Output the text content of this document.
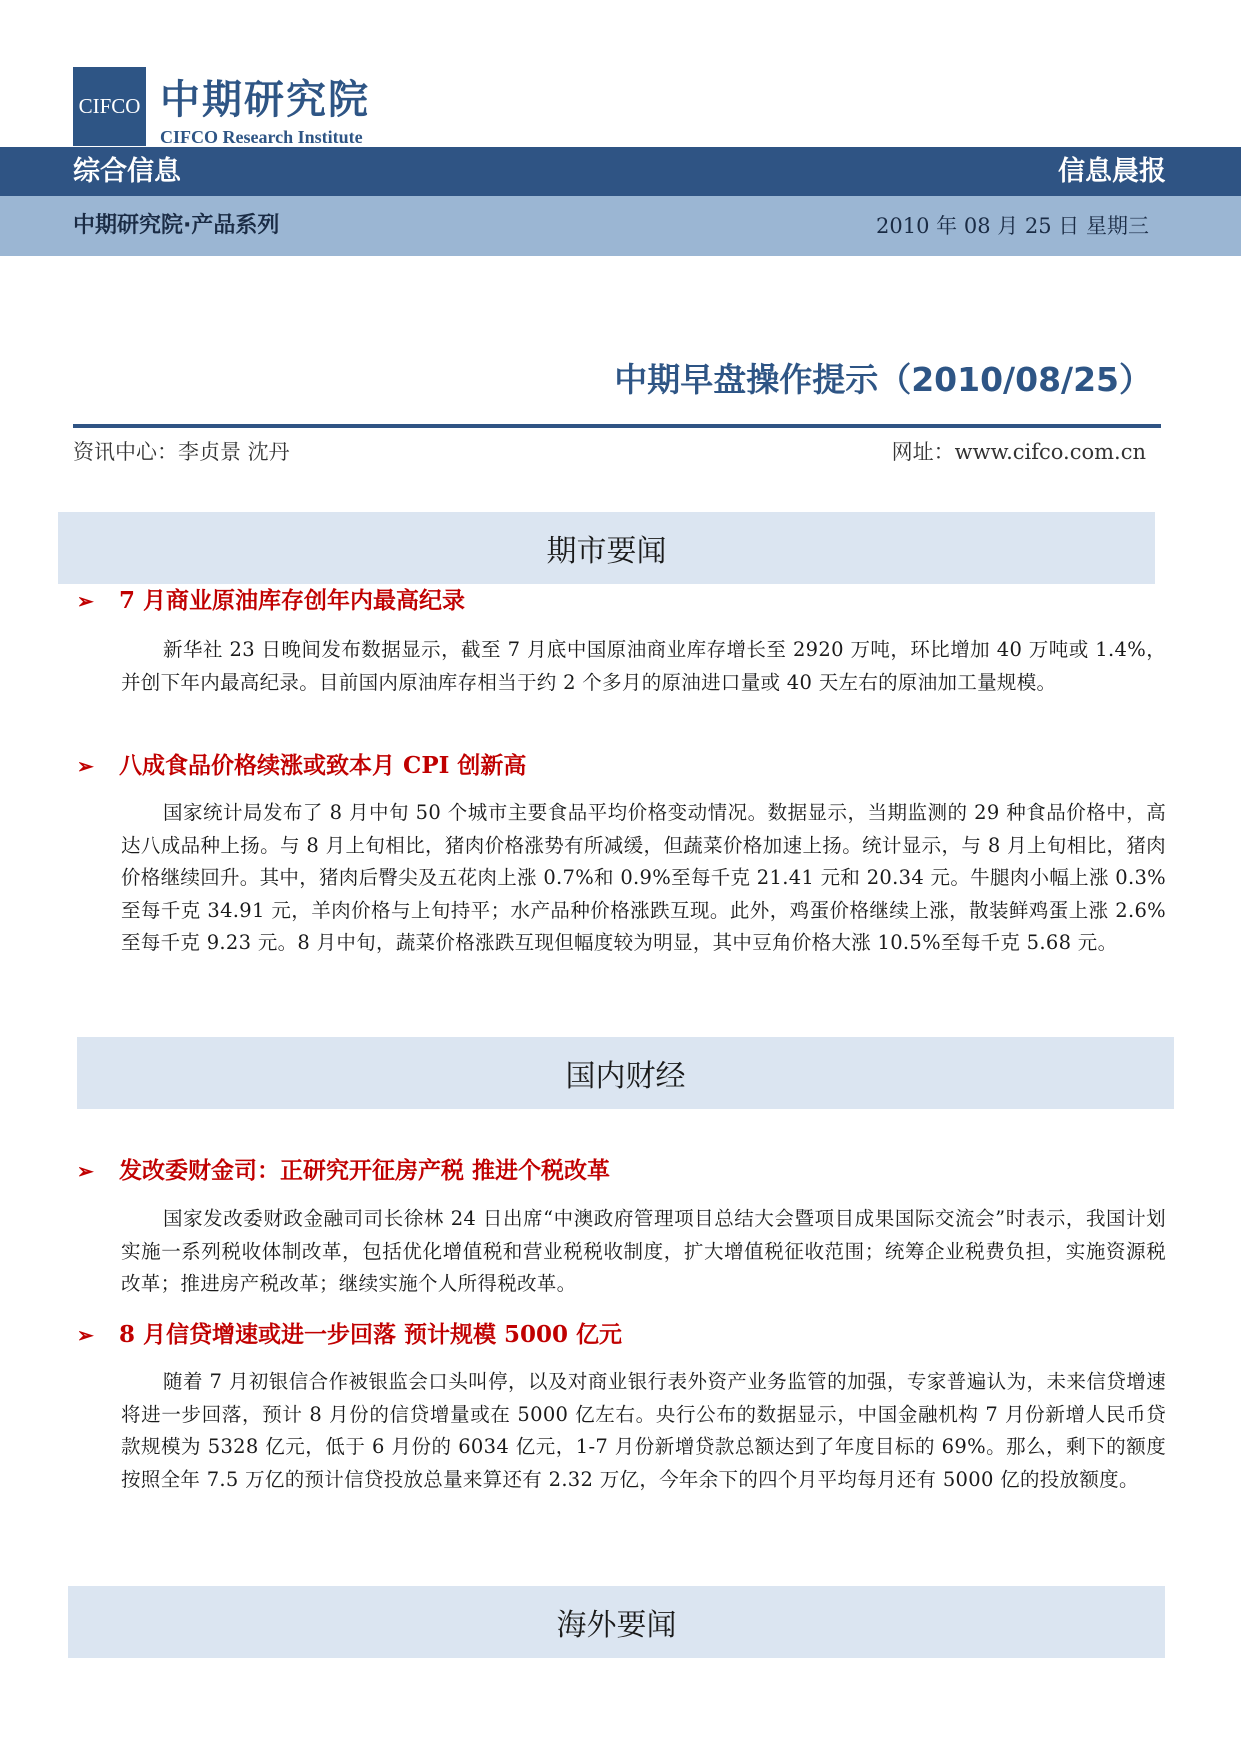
CIFCO 中期研究院
CIFCO Research Institute
综合信息	信息晨报
中期研究院·产品系列	2010 年 08 月 25 日 星期三
中期早盘操作提示（2010/08/25）
资讯中心：李贞景 沈丹	网址：www.cifco.com.cn
期市要闻
➢ 7 月商业原油库存创年内最高纪录

新华社 23 日晚间发布数据显示，截至 7 月底中国原油商业库存增长至 2920 万吨，环比增加 40 万吨或 1.4%，并创下年内最高纪录。目前国内原油库存相当于约 2 个多月的原油进口量或 40 天左右的原油加工量规模。

➢ 八成食品价格续涨或致本月 CPI 创新高

国家统计局发布了 8 月中旬 50 个城市主要食品平均价格变动情况。数据显示，当期监测的 29 种食品价格中，高达八成品种上扬。与 8 月上旬相比，猪肉价格涨势有所减缓，但蔬菜价格加速上扬。统计显示，与 8 月上旬相比，猪肉价格继续回升。其中，猪肉后臀尖及五花肉上涨 0.7%和 0.9%至每千克 21.41 元和 20.34 元。牛腿肉小幅上涨 0.3%至每千克 34.91 元，羊肉价格与上旬持平；水产品种价格涨跌互现。此外，鸡蛋价格继续上涨，散装鲜鸡蛋上涨 2.6%至每千克 9.23 元。8 月中旬，蔬菜价格涨跌互现但幅度较为明显，其中豆角价格大涨 10.5%至每千克 5.68 元。

国内财经
➢ 发改委财金司：正研究开征房产税 推进个税改革

国家发改委财政金融司司长徐林 24 日出席“中澳政府管理项目总结大会暨项目成果国际交流会”时表示，我国计划实施一系列税收体制改革，包括优化增值税和营业税税收制度，扩大增值税征收范围；统筹企业税费负担，实施资源税改革；推进房产税改革；继续实施个人所得税改革。

➢ 8 月信贷增速或进一步回落 预计规模 5000 亿元

随着 7 月初银信合作被银监会口头叫停，以及对商业银行表外资产业务监管的加强，专家普遍认为，未来信贷增速将进一步回落，预计 8 月份的信贷增量或在 5000 亿左右。央行公布的数据显示，中国金融机构 7 月份新增人民币贷款规模为 5328 亿元，低于 6 月份的 6034 亿元，1-7 月份新增贷款总额达到了年度目标的 69%。那么，剩下的额度按照全年 7.5 万亿的预计信贷投放总量来算还有 2.32 万亿，今年余下的四个月平均每月还有 5000 亿的投放额度。

海外要闻
